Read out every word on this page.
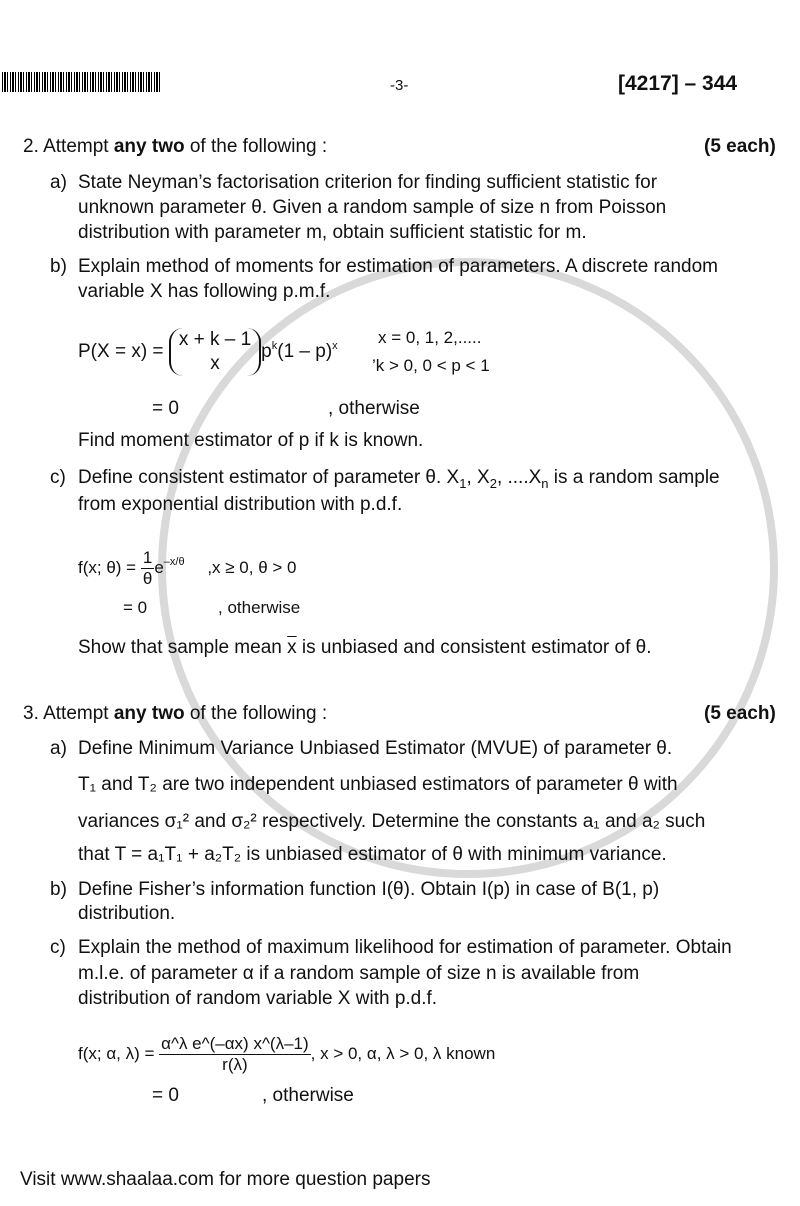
-3-	[4217] – 344
2. Attempt any two of the following :	(5 each)
a) State Neyman’s factorisation criterion for finding sufficient statistic for
unknown parameter θ. Given a random sample of size n from Poisson
distribution with parameter m, obtain sufficient statistic for m.
b) Explain method of moments for estimation of parameters. A discrete random
variable X has following p.m.f.
P(X = x) =
x + k – 1
x
$p^k(1 - p)^x$ x = 0, 1, 2,.....
’k > 0, 0 < p < 1
= 0	, otherwise
Find moment estimator of p if k is known.
c) Define consistent estimator of parameter θ. $X_1$, $X_2$, $....X_n$ is a random sample
from exponential distribution with p.d.f.
f(x; $\theta) = \frac{1}{\theta} e^{-x/\theta}$ ,x ≥ 0, θ > 0
= 0	, otherwise
Show that sample mean $\overline{x}$ is unbiased and consistent estimator of θ.
3. Attempt any two of the following :	(5 each)
a) Define Minimum Variance Unbiased Estimator (MVUE) of parameter θ.
T₁ and T₂ are two independent unbiased estimators of parameter θ with
variances σ₁² and σ₂² respectively. Determine the constants a₁ and a₂ such
that T = a₁T₁ + a₂T₂ is unbiased estimator of θ with minimum variance.
b) Define Fisher’s information function I(θ). Obtain I(p) in case of B(1, p)
distribution.
c) Explain the method of maximum likelihood for estimation of parameter. Obtain
m.l.e. of parameter α if a random sample of size n is available from
distribution of random variable X with p.d.f.
f(x; α, $\lambda) = \frac{\text{α\textasciicircum{}λ e\textasciicircum{}(–αx) x\textasciicircum{}(λ–1)}}{r(\lambda)}$ , x > 0, α, λ > 0, λ known
= 0	, otherwise
Visit www.shaalaa.com for more question papers
